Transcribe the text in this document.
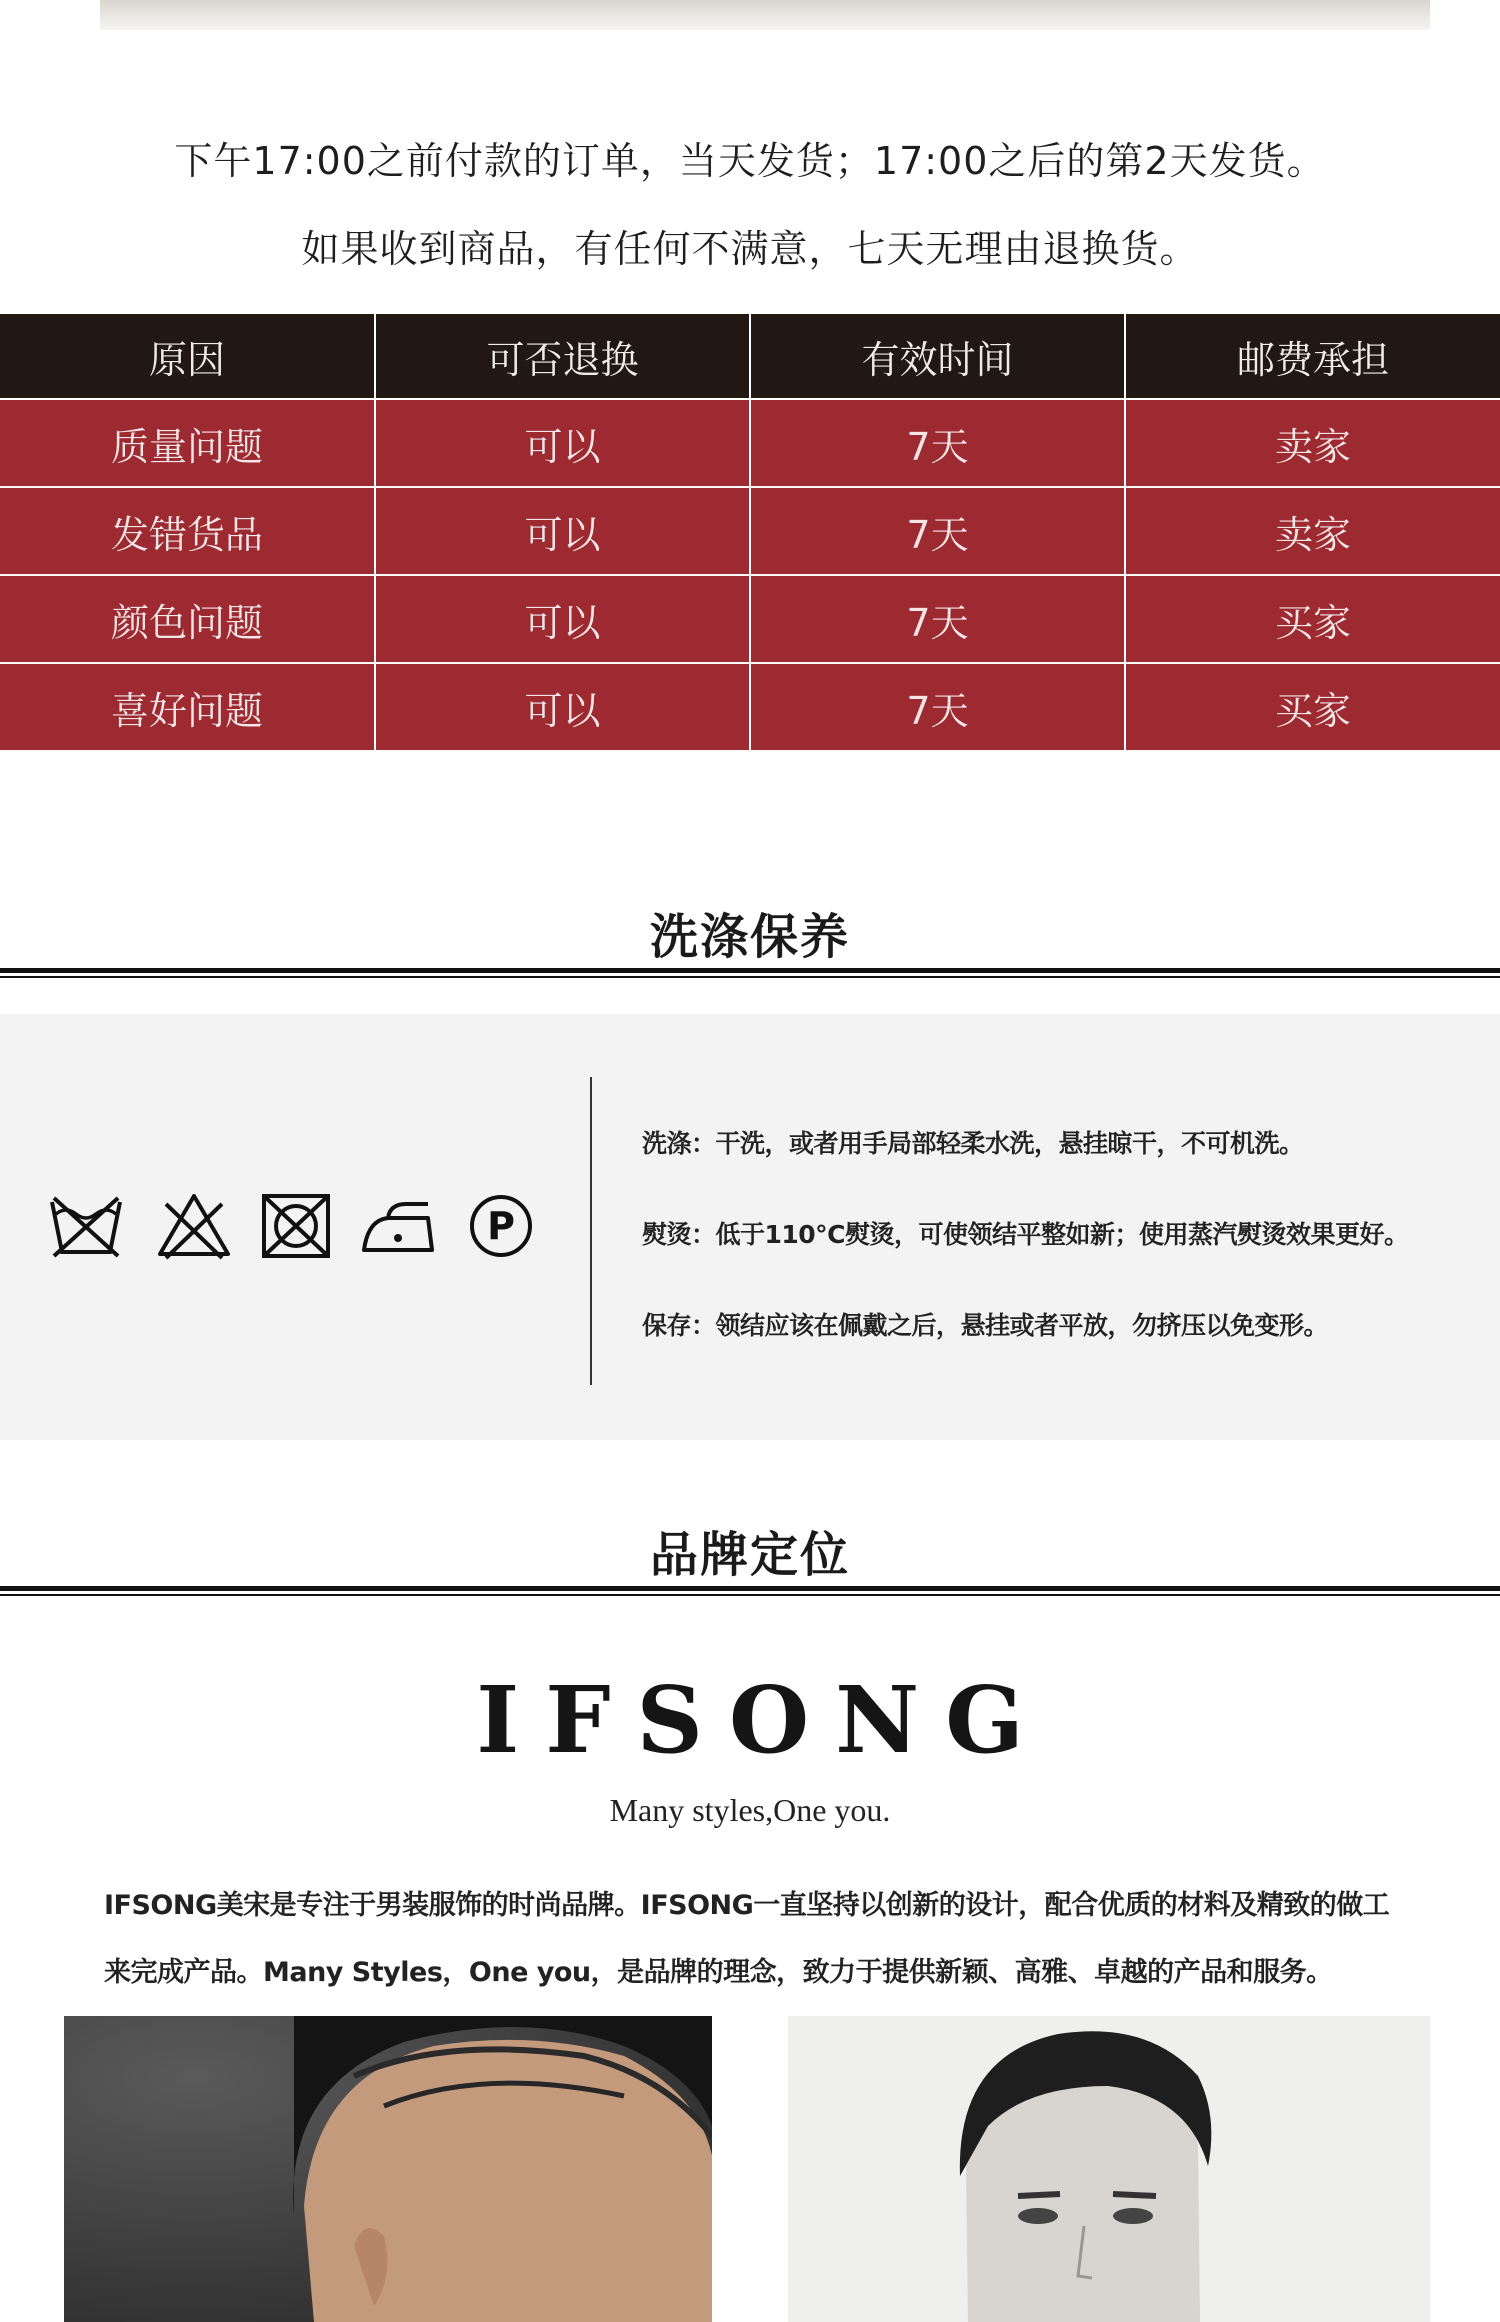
下午17:00之前付款的订单，当天发货；17:00之后的第2天发货。
如果收到商品，有任何不满意，七天无理由退换货。
原因	可否退换	有效时间	邮费承担
质量问题	可以	7天	卖家
发错货品	可以	7天	卖家
颜色问题	可以	7天	买家
喜好问题	可以	7天	买家
洗涤保养
P
洗涤：干洗，或者用手局部轻柔水洗，悬挂晾干，不可机洗。
熨烫：低于110°C熨烫，可使领结平整如新；使用蒸汽熨烫效果更好。
保存：领结应该在佩戴之后，悬挂或者平放，勿挤压以免变形。
品牌定位
IFSONG
Many styles,One you.
IFSONG美宋是专注于男装服饰的时尚品牌。IFSONG一直坚持以创新的设计，配合优质的材料及精致的做工
来完成产品。Many Styles，One you，是品牌的理念，致力于提供新颖、高雅、卓越的产品和服务。
